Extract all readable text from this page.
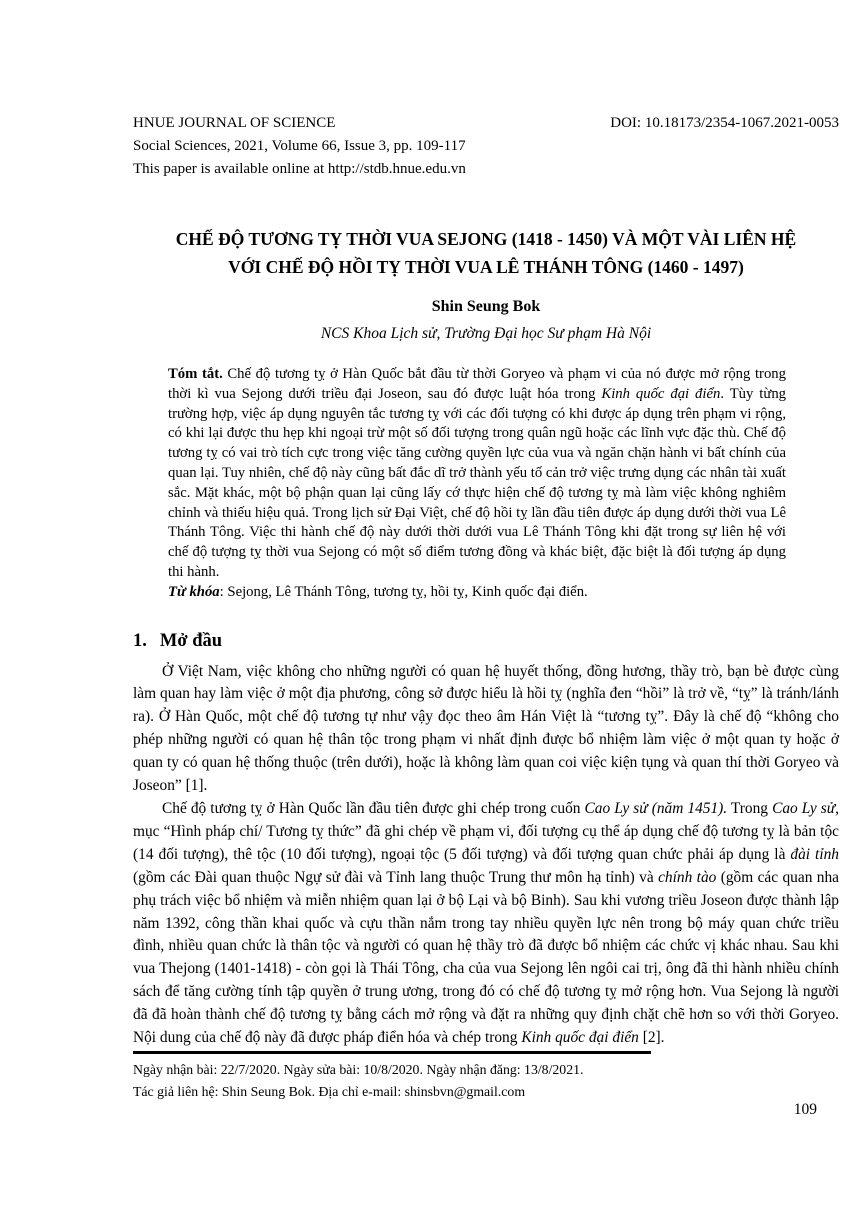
HNUE JOURNAL OF SCIENCE	DOI: 10.18173/2354-1067.2021-0053
Social Sciences, 2021, Volume 66, Issue 3, pp. 109-117
This paper is available online at http://stdb.hnue.edu.vn
CHẾ ĐỘ TƯƠNG TỴ THỜI VUA SEJONG (1418 - 1450) VÀ MỘT VÀI LIÊN HỆ
VỚI CHẾ ĐỘ HỒI TỴ THỜI VUA LÊ THÁNH TÔNG (1460 - 1497)
Shin Seung Bok
NCS Khoa Lịch sử, Trường Đại học Sư phạm Hà Nội

Tóm tắt. Chế độ tương tỵ ở Hàn Quốc bắt đầu từ thời Goryeo và phạm vi của nó được mở rộng trong thời kì vua Sejong dưới triều đại Joseon, sau đó được luật hóa trong Kinh quốc đại điển. Tùy từng trường hợp, việc áp dụng nguyên tắc tương tỵ với các đối tượng có khi được áp dụng trên phạm vi rộng, có khi lại được thu hẹp khi ngoại trừ một số đối tượng trong quân ngũ hoặc các lĩnh vực đặc thù. Chế độ tương tỵ có vai trò tích cực trong việc tăng cường quyền lực của vua và ngăn chặn hành vi bất chính của quan lại. Tuy nhiên, chế độ này cũng bất đắc dĩ trở thành yếu tố cản trở việc trưng dụng các nhân tài xuất sắc. Mặt khác, một bộ phận quan lại cũng lấy cớ thực hiện chế độ tương tỵ mà làm việc không nghiêm chỉnh và thiếu hiệu quả. Trong lịch sử Đại Việt, chế độ hồi tỵ lần đầu tiên được áp dụng dưới thời vua Lê Thánh Tông. Việc thi hành chế độ này dưới thời dưới vua Lê Thánh Tông khi đặt trong sự liên hệ với chế độ tượng tỵ thời vua Sejong có một số điểm tương đồng và khác biệt, đặc biệt là đối tượng áp dụng thi hành.

Từ khóa: Sejong, Lê Thánh Tông, tương tỵ, hồi tỵ, Kinh quốc đại điển.

1. Mở đầu

Ở Việt Nam, việc không cho những người có quan hệ huyết thống, đồng hương, thầy trò, bạn bè được cùng làm quan hay làm việc ở một địa phương, công sở được hiểu là hồi tỵ (nghĩa đen “hồi” là trở về, “tỵ” là tránh/lánh ra). Ở Hàn Quốc, một chế độ tương tự như vậy đọc theo âm Hán Việt là “tương tỵ”. Đây là chế độ “không cho phép những người có quan hệ thân tộc trong phạm vi nhất định được bổ nhiệm làm việc ở một quan ty hoặc ở quan ty có quan hệ thống thuộc (trên dưới), hoặc là không làm quan coi việc kiện tụng và quan thí thời Goryeo và Joseon” [1].

Chế độ tương tỵ ở Hàn Quốc lần đầu tiên được ghi chép trong cuốn Cao Ly sử (năm 1451). Trong Cao Ly sử, mục “Hình pháp chí/ Tương tỵ thức” đã ghi chép về phạm vi, đối tượng cụ thể áp dụng chế độ tương tỵ là bản tộc (14 đối tượng), thê tộc (10 đối tượng), ngoại tộc (5 đối tượng) và đối tượng quan chức phải áp dụng là đài tỉnh (gồm các Đài quan thuộc Ngự sử đài và Tỉnh lang thuộc Trung thư môn hạ tỉnh) và chính tào (gồm các quan nha phụ trách việc bổ nhiệm và miễn nhiệm quan lại ở bộ Lại và bộ Binh). Sau khi vương triều Joseon được thành lập năm 1392, công thần khai quốc và cựu thần nắm trong tay nhiều quyền lực nên trong bộ máy quan chức triều đình, nhiều quan chức là thân tộc và người có quan hệ thầy trò đã được bổ nhiệm các chức vị khác nhau. Sau khi vua Thejong (1401-1418) - còn gọi là Thái Tông, cha của vua Sejong lên ngôi cai trị, ông đã thi hành nhiều chính sách để tăng cường tính tập quyền ở trung ương, trong đó có chế độ tương tỵ mở rộng hơn. Vua Sejong là người đã đã hoàn thành chế độ tương tỵ bằng cách mở rộng và đặt ra những quy định chặt chẽ hơn so với thời Goryeo. Nội dung của chế độ này đã được pháp điển hóa và chép trong Kinh quốc đại điển [2].

Ngày nhận bài: 22/7/2020. Ngày sửa bài: 10/8/2020. Ngày nhận đăng: 13/8/2021.
Tác giả liên hệ: Shin Seung Bok. Địa chỉ e-mail: shinsbvn@gmail.com
109
